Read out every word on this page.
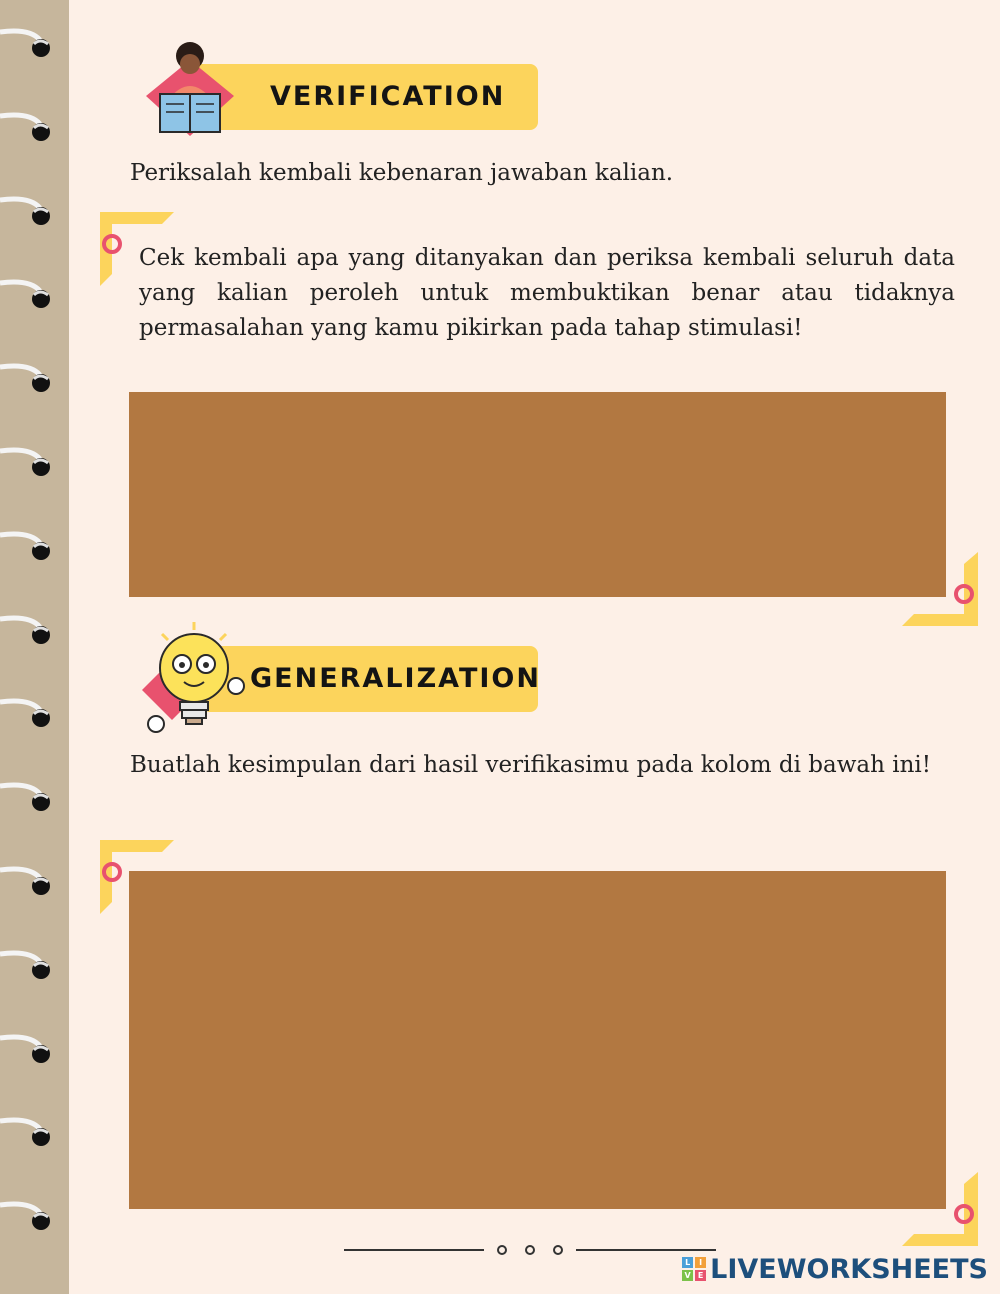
VERIFICATION
Periksalah kembali kebenaran jawaban kalian.
Cek kembali apa yang ditanyakan dan periksa kembali seluruh data yang kalian peroleh untuk membuktikan benar atau tidaknya permasalahan yang kamu pikirkan pada tahap stimulasi!
GENERALIZATION
Buatlah kesimpulan dari hasil verifikasimu pada kolom di bawah ini!
L	I
V E LIVEWORKSHEETS
